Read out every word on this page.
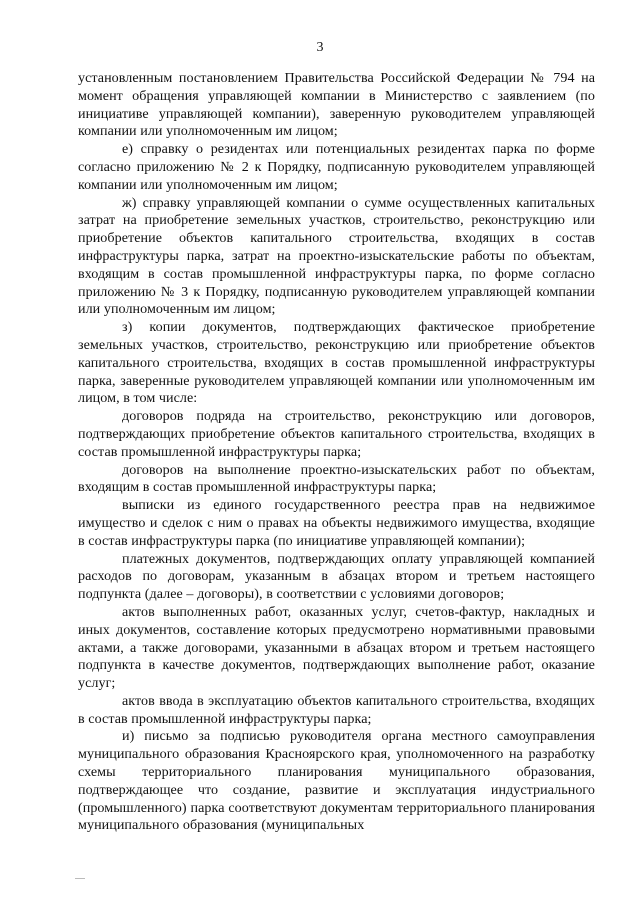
3

установленным постановлением Правительства Российской Федерации № 794 на момент обращения управляющей компании в Министерство с заявлением (по инициативе управляющей компании), заверенную руководителем управляющей компании или уполномоченным им лицом;

е) справку о резидентах или потенциальных резидентах парка по форме согласно приложению № 2 к Порядку, подписанную руководителем управляющей компании или уполномоченным им лицом;

ж) справку управляющей компании о сумме осуществленных капитальных затрат на приобретение земельных участков, строительство, реконструкцию или приобретение объектов капитального строительства, входящих в состав инфраструктуры парка, затрат на проектно-изыскательские работы по объектам, входящим в состав промышленной инфраструктуры парка, по форме согласно приложению № 3 к Порядку, подписанную руководителем управляющей компании или уполномоченным им лицом;

з) копии документов, подтверждающих фактическое приобретение земельных участков, строительство, реконструкцию или приобретение объектов капитального строительства, входящих в состав промышленной инфраструктуры парка, заверенные руководителем управляющей компании или уполномоченным им лицом, в том числе:

договоров подряда на строительство, реконструкцию или договоров, подтверждающих приобретение объектов капитального строительства, входящих в состав промышленной инфраструктуры парка;

договоров на выполнение проектно-изыскательских работ по объектам, входящим в состав промышленной инфраструктуры парка;

выписки из единого государственного реестра прав на недвижимое имущество и сделок с ним о правах на объекты недвижимого имущества, входящие в состав инфраструктуры парка (по инициативе управляющей компании);

платежных документов, подтверждающих оплату управляющей компанией расходов по договорам, указанным в абзацах втором и третьем настоящего подпункта (далее – договоры), в соответствии с условиями договоров;

актов выполненных работ, оказанных услуг, счетов-фактур, накладных и иных документов, составление которых предусмотрено нормативными правовыми актами, а также договорами, указанными в абзацах втором и третьем настоящего подпункта в качестве документов, подтверждающих выполнение работ, оказание услуг;

актов ввода в эксплуатацию объектов капитального строительства, входящих в состав промышленной инфраструктуры парка;

и) письмо за подписью руководителя органа местного самоуправления муниципального образования Красноярского края, уполномоченного на разработку схемы территориального планирования муниципального образования, подтверждающее что создание, развитие и эксплуатация индустриального (промышленного) парка соответствуют документам территориального планирования муниципального образования (муниципальных
